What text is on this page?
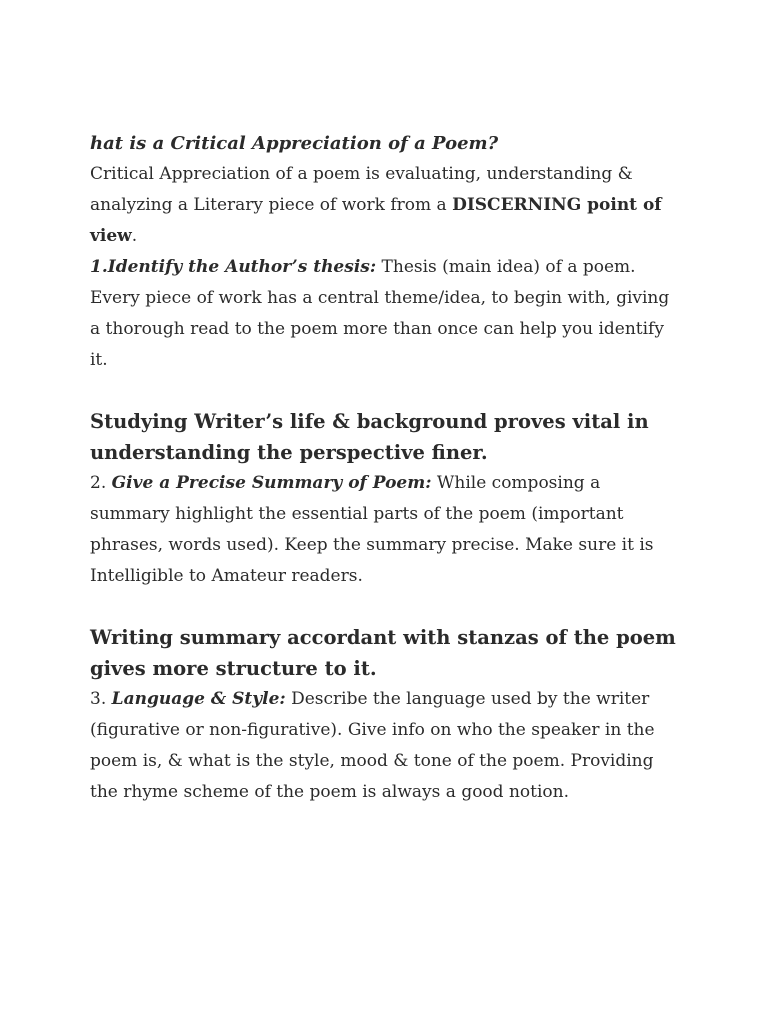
hat is a Critical Appreciation of a Poem?

Critical Appreciation of a poem is evaluating, understanding & analyzing a Literary piece of work from a DISCERNING point of view.

1.Identify the Author’s thesis: Thesis (main idea) of a poem. Every piece of work has a central theme/idea, to begin with, giving a thorough read to the poem more than once can help you identify it.

Studying Writer’s life & background proves vital in understanding the perspective finer.

2. Give a Precise Summary of Poem: While composing a summary highlight the essential parts of the poem (important phrases, words used). Keep the summary precise. Make sure it is Intelligible to Amateur readers.

Writing summary accordant with stanzas of the poem gives more structure to it.

3. Language & Style: Describe the language used by the writer (figurative or non-figurative). Give info on who the speaker in the poem is, & what is the style, mood & tone of the poem. Providing the rhyme scheme of the poem is always a good notion.
